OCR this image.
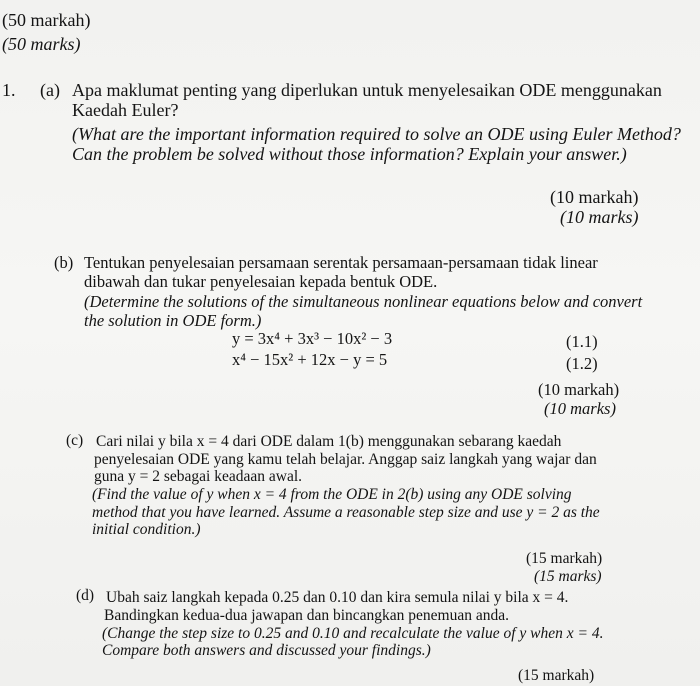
(50 markah)
(50 marks)
1. (a) Apa maklumat penting yang diperlukan untuk menyelesaikan ODE menggunakan
Kaedah Euler?
(What are the important information required to solve an ODE using Euler Method?
Can the problem be solved without those information? Explain your answer.)
(10 markah)
(10 marks)
(b) Tentukan penyelesaian persamaan serentak persamaan-persamaan tidak linear
dibawah dan tukar penyelesaian kepada bentuk ODE.
(Determine the solutions of the simultaneous nonlinear equations below and convert
the solution in ODE form.)
y = 3x⁴ + 3x³ − 10x² − 3	(1.1)
x⁴ − 15x² + 12x − y = 5	(1.2)
(10 markah)
(10 marks)
(c) Cari nilai y bila x = 4 dari ODE dalam 1(b) menggunakan sebarang kaedah
penyelesaian ODE yang kamu telah belajar. Anggap saiz langkah yang wajar dan
guna y = 2 sebagai keadaan awal.
(Find the value of y when x = 4 from the ODE in 2(b) using any ODE solving
method that you have learned. Assume a reasonable step size and use y = 2 as the
initial condition.)
(15 markah)
(15 marks)
(d) Ubah saiz langkah kepada 0.25 dan 0.10 dan kira semula nilai y bila x = 4.
Bandingkan kedua-dua jawapan dan bincangkan penemuan anda.
(Change the step size to 0.25 and 0.10 and recalculate the value of y when x = 4.
Compare both answers and discussed your findings.)
(15 markah)
